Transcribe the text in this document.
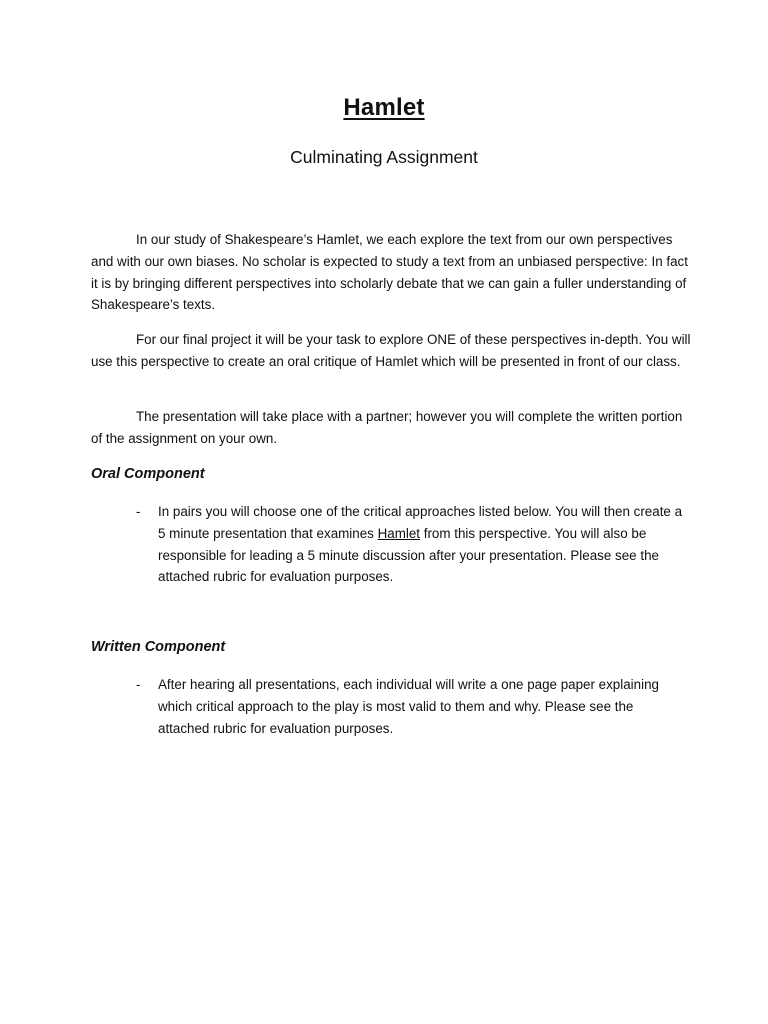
Hamlet
Culminating Assignment

In our study of Shakespeare’s Hamlet, we each explore the text from our own perspectives and with our own biases. No scholar is expected to study a text from an unbiased perspective: In fact it is by bringing different perspectives into scholarly debate that we can gain a fuller understanding of Shakespeare’s texts.

For our final project it will be your task to explore ONE of these perspectives in-depth. You will use this perspective to create an oral critique of Hamlet which will be presented in front of our class.

The presentation will take place with a partner; however you will complete the written portion of the assignment on your own.

Oral Component
- In pairs you will choose one of the critical approaches listed below. You will then create a 5 minute presentation that examines Hamlet from this perspective. You will also be responsible for leading a 5 minute discussion after your presentation. Please see the attached rubric for evaluation purposes.
Written Component
- After hearing all presentations, each individual will write a one page paper explaining which critical approach to the play is most valid to them and why. Please see the attached rubric for evaluation purposes.
